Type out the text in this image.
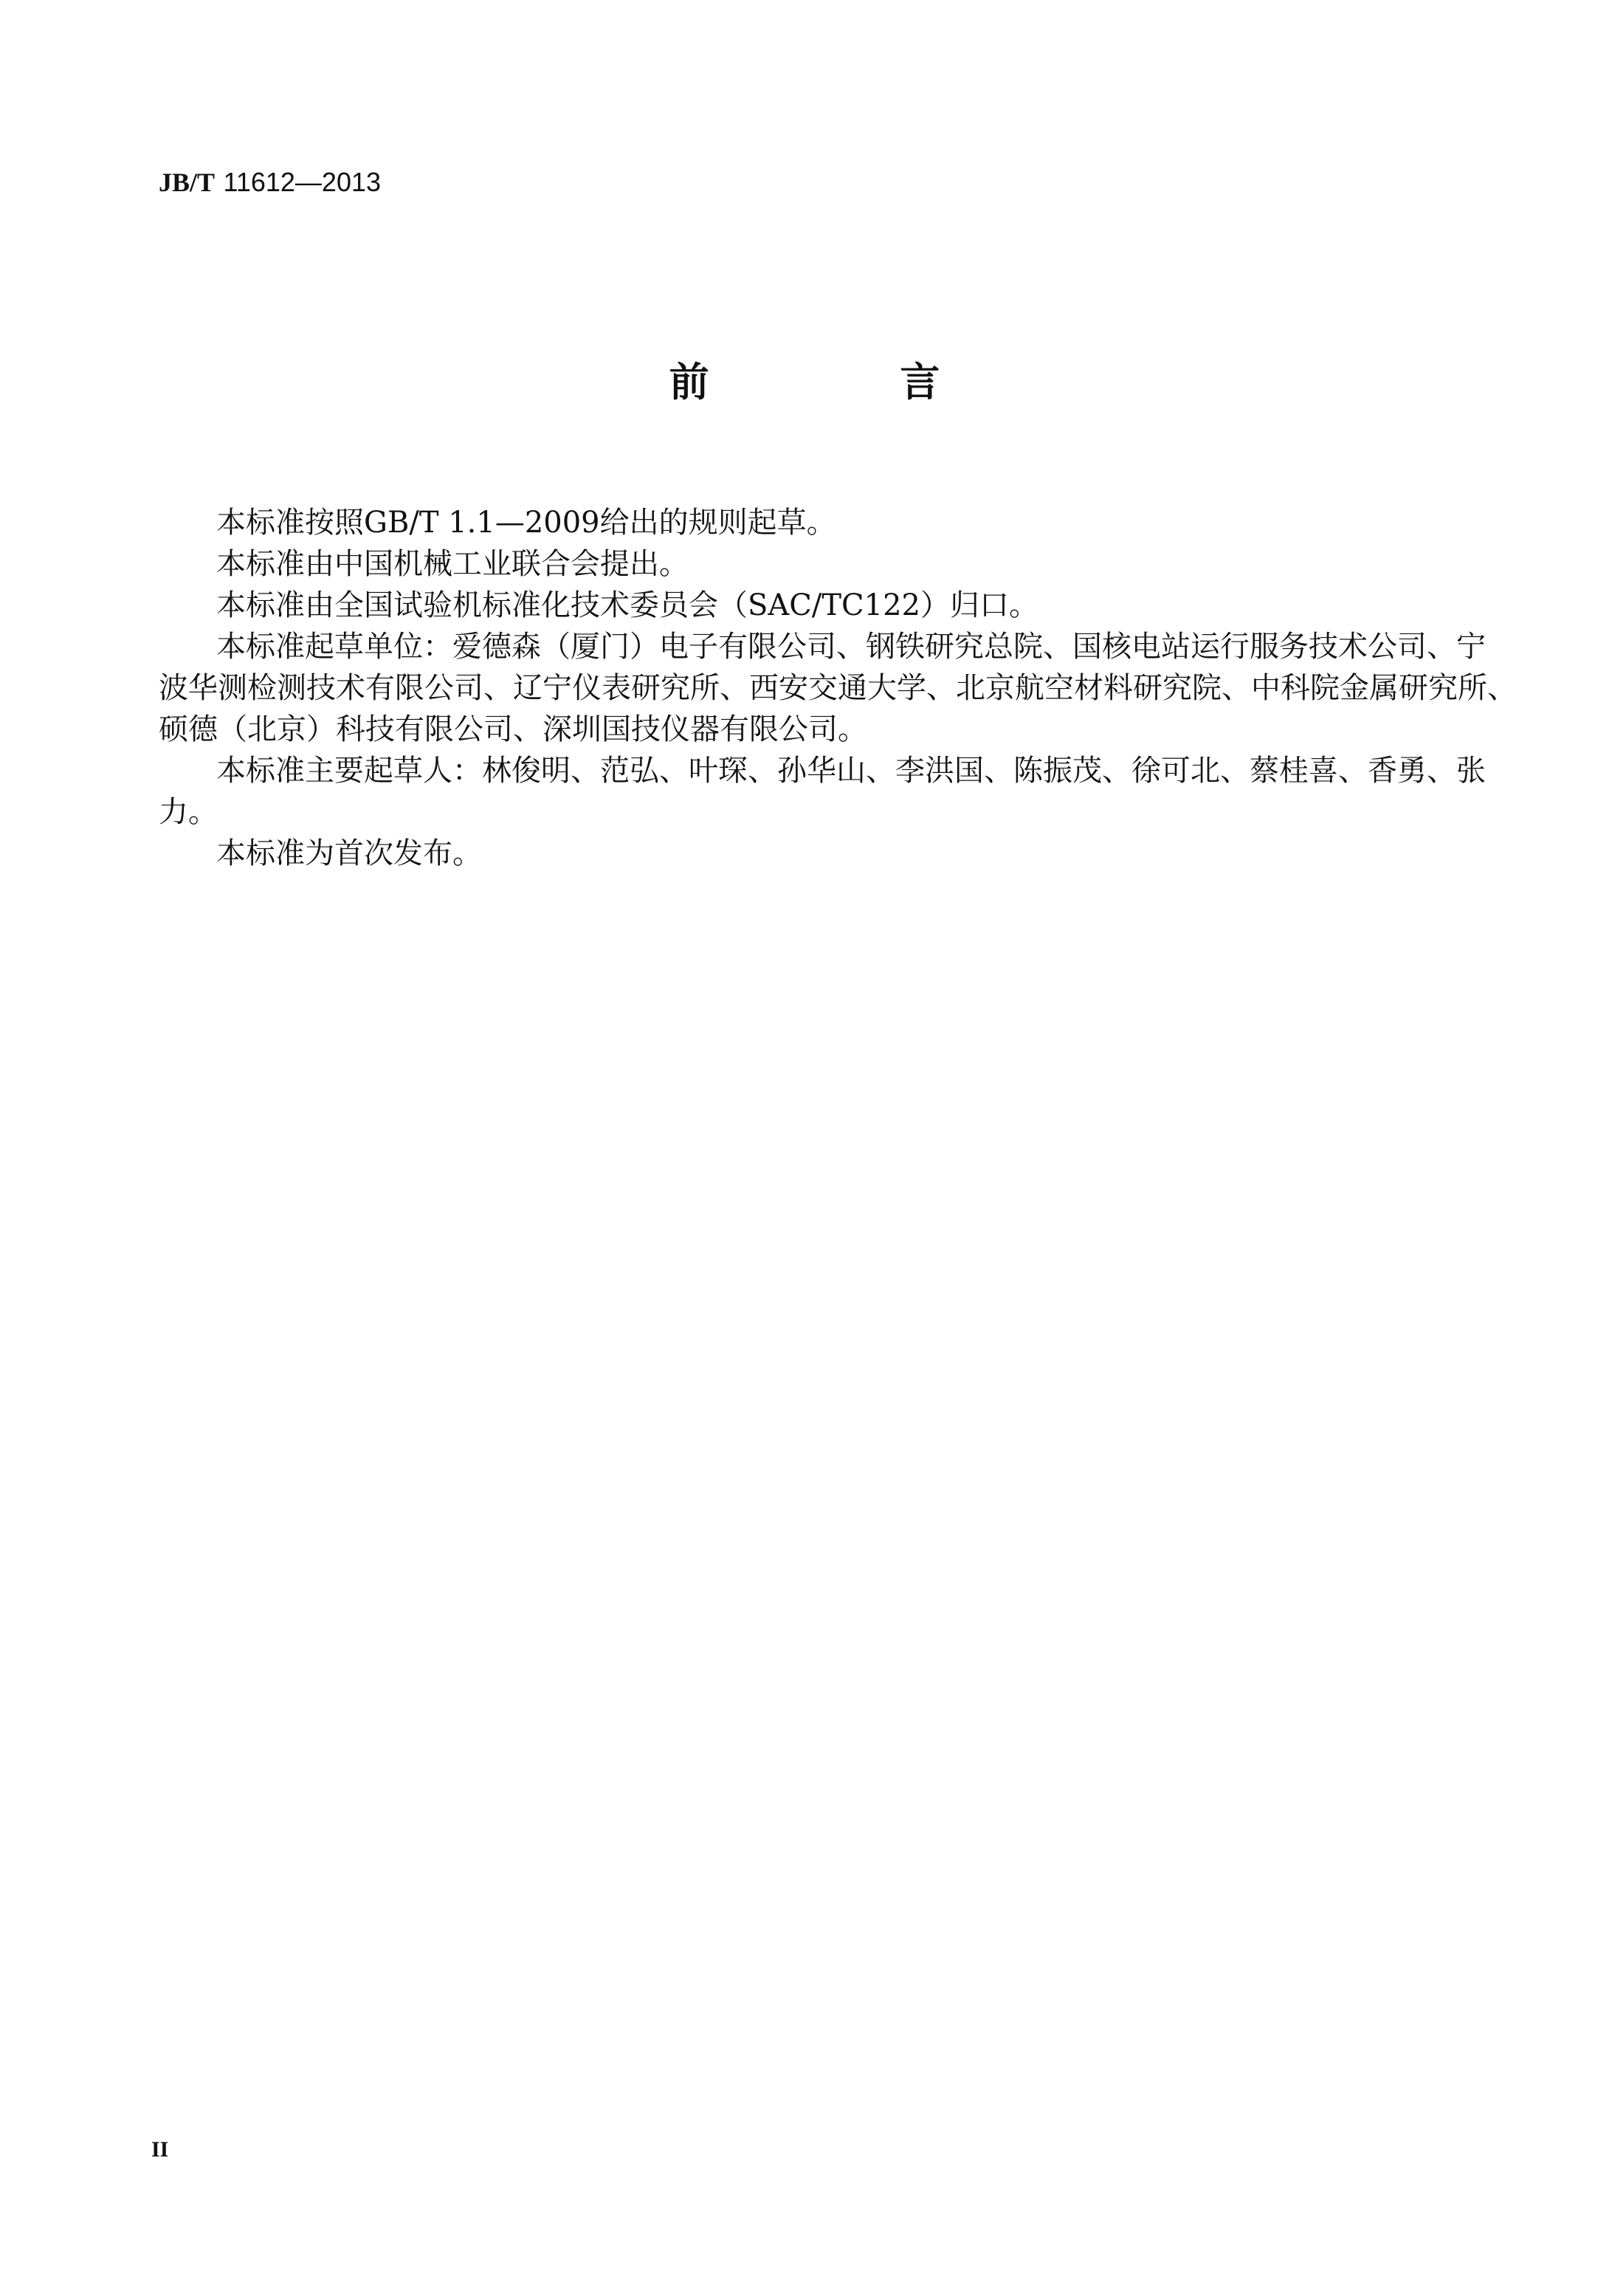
JB/T 11612—2013
前 言
本标准按照GB/T 1.1—2009给出的规则起草。
本标准由中国机械工业联合会提出。
本标准由全国试验机标准化技术委员会（SAC/TC122）归口。
本标准起草单位：爱德森（厦门）电子有限公司、钢铁研究总院、国核电站运行服务技术公司、宁
波华测检测技术有限公司、辽宁仪表研究所、西安交通大学、北京航空材料研究院、中科院金属研究所、
硕德（北京）科技有限公司、深圳国技仪器有限公司。
本标准主要起草人：林俊明、范弘、叶琛、孙华山、李洪国、陈振茂、徐可北、蔡桂喜、香勇、张
力。
本标准为首次发布。
II
